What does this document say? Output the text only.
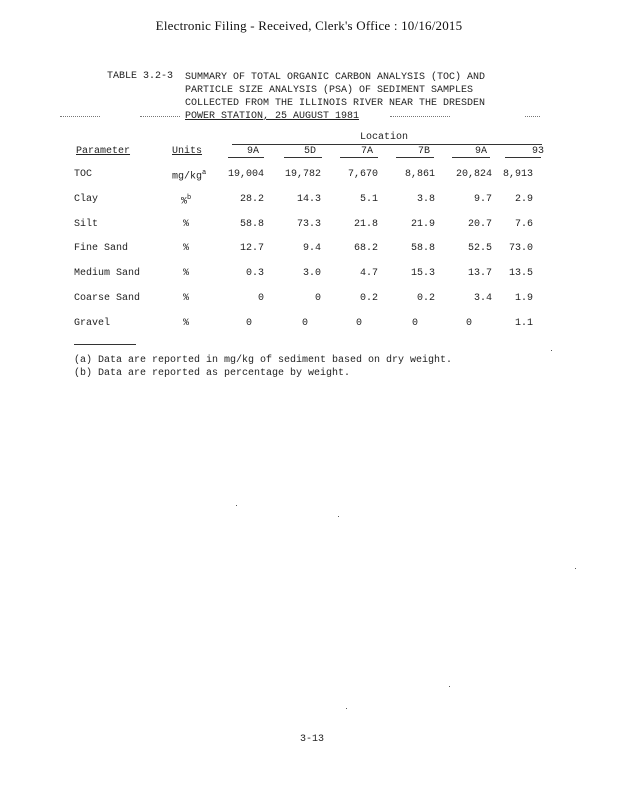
Electronic Filing - Received, Clerk's Office : 10/16/2015
TABLE 3.2-3 SUMMARY OF TOTAL ORGANIC CARBON ANALYSIS (TOC) AND
PARTICLE SIZE ANALYSIS (PSA) OF SEDIMENT SAMPLES
COLLECTED FROM THE ILLINOIS RIVER NEAR THE DRESDEN
POWER STATION, 25 AUGUST 1981
Location
Parameter	Units	9A	5D	7A	7B	9A	93
TOC	$mg/kg^a$	19,004	19,782	7,670	8,861	20,824	8,913
Clay	%$^b$	28.2	14.3	5.1	3.8	9.7	2.9
Silt	%	58.8	73.3	21.8	21.9	20.7	7.6
Fine Sand	%	12.7	9.4	68.2	58.8	52.5	73.0
Medium Sand	%	0.3	3.0	4.7	15.3	13.7	13.5
Coarse Sand	%	0	0	0.2	0.2	3.4	1.9
Gravel	%	0	0	0	0	0	1.1
(a) Data are reported in mg/kg of sediment based on dry weight.
(b) Data are reported as percentage by weight.
3-13
